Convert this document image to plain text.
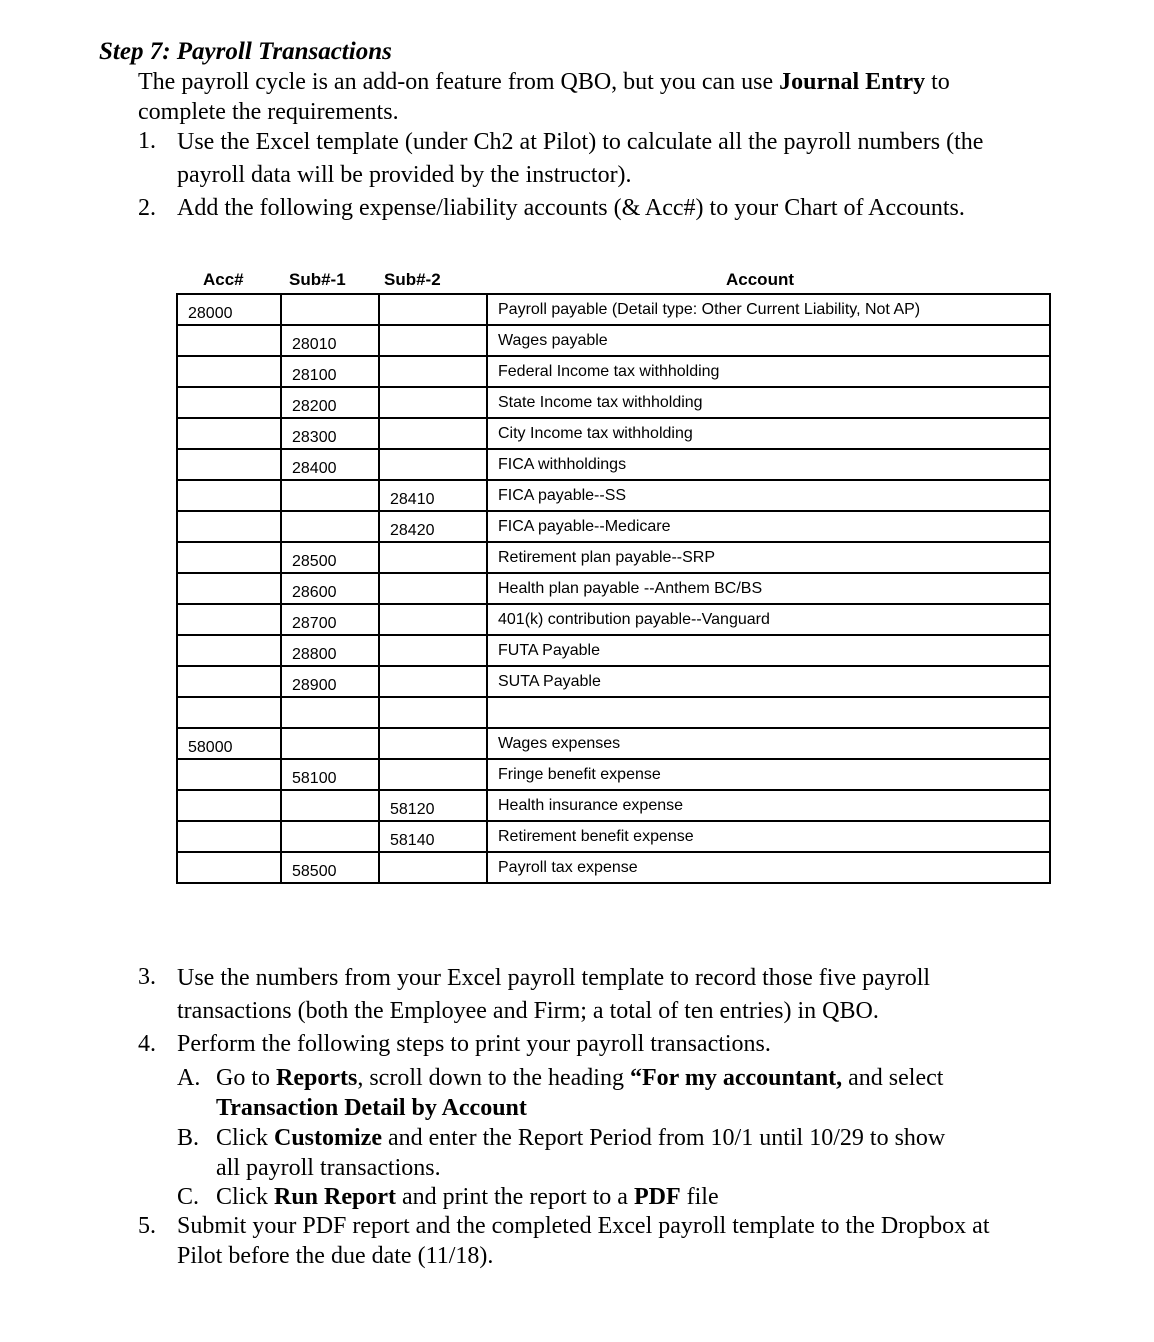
Step 7: Payroll Transactions
The payroll cycle is an add-on feature from QBO, but you can use Journal Entry to
complete the requirements.
1. Use the Excel template (under Ch2 at Pilot) to calculate all the payroll numbers (the
payroll data will be provided by the instructor).
2. Add the following expense/liability accounts (& Acc#) to your Chart of Accounts.
Acc#	Sub#-1 Sub#-2	Account
28000			Payroll payable (Detail type: Other Current Liability, Not AP)
	28010		Wages payable
	28100		Federal Income tax withholding
	28200		State Income tax withholding
	28300		City Income tax withholding
	28400		FICA withholdings
		28410	FICA payable--SS
		28420	FICA payable--Medicare
	28500		Retirement plan payable--SRP
	28600		Health plan payable --Anthem BC/BS
	28700		401(k) contribution payable--Vanguard
	28800		FUTA Payable
	28900		SUTA Payable

58000			Wages expenses
	58100		Fringe benefit expense
		58120	Health insurance expense
		58140	Retirement benefit expense
	58500		Payroll tax expense
3. Use the numbers from your Excel payroll template to record those five payroll
transactions (both the Employee and Firm; a total of ten entries) in QBO.
4. Perform the following steps to print your payroll transactions.
A. Go to Reports, scroll down to the heading “For my accountant, and select
Transaction Detail by Account
B. Click Customize and enter the Report Period from 10/1 until 10/29 to show
all payroll transactions.
C. Click Run Report and print the report to a PDF file
5. Submit your PDF report and the completed Excel payroll template to the Dropbox at
Pilot before the due date (11/18).
